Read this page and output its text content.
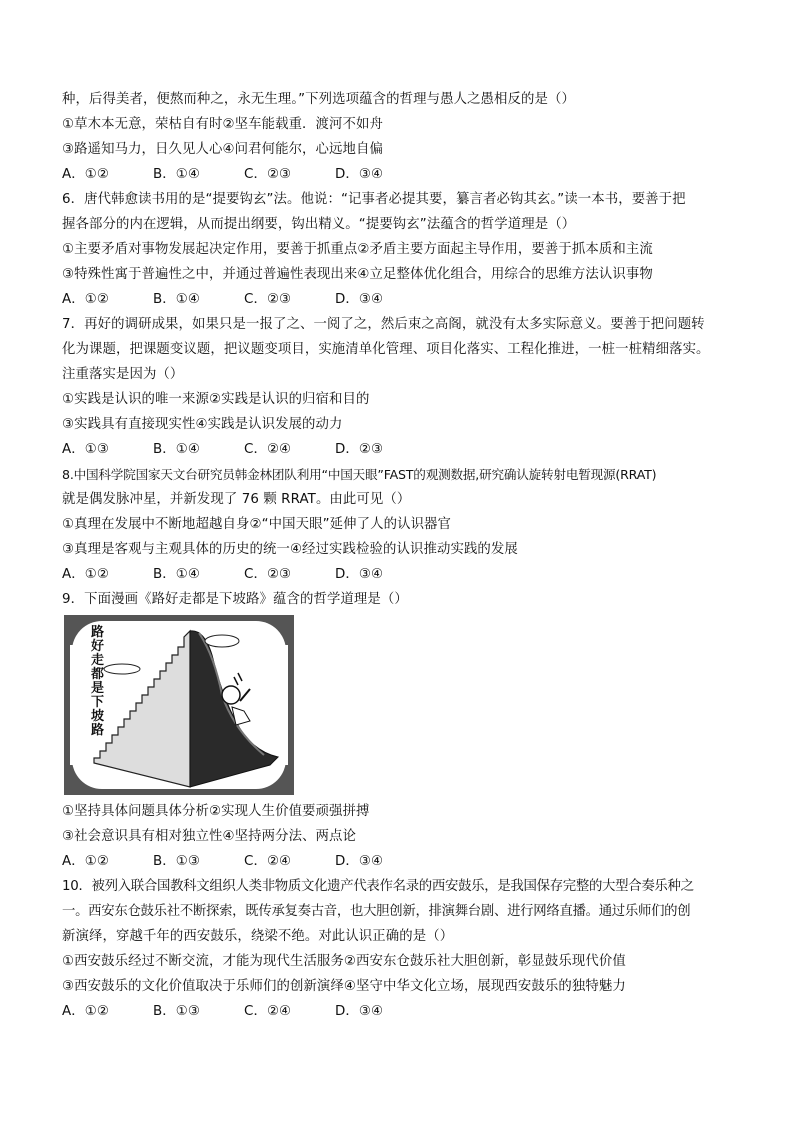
种，后得美者，便熬而种之，永无生理。”下列选项蕴含的哲理与愚人之愚相反的是（）
①草木本无意，荣枯自有时②坚车能载重．渡河不如舟
③路遥知马力，日久见人心④问君何能尔，心远地自偏
A．①②	B．①④	C．②③	D．③④
6．唐代韩愈读书用的是“提要钩玄”法。他说：“记事者必提其要，纂言者必钩其玄。”读一本书，要善于把
握各部分的内在逻辑，从而提出纲要，钩出精义。“提要钩玄”法蕴含的哲学道理是（）
①主要矛盾对事物发展起决定作用，要善于抓重点②矛盾主要方面起主导作用，要善于抓本质和主流
③特殊性寓于普遍性之中，并通过普遍性表现出来④立足整体优化组合，用综合的思维方法认识事物
A．①②	B．①④	C．②③	D．③④
7．再好的调研成果，如果只是一报了之、一阅了之，然后束之高阁，就没有太多实际意义。要善于把问题转
化为课题，把课题变议题，把议题变项目，实施清单化管理、项目化落实、工程化推进，一桩一桩精细落实。
注重落实是因为（）
①实践是认识的唯一来源②实践是认识的归宿和目的
③实践具有直接现实性④实践是认识发展的动力
A．①③	B．①④	C．②④	D．②③
8.中国科学院国家天文台研究员韩金林团队利用“中国天眼”FAST的观测数据,研究确认旋转射电暂现源(RRAT)
就是偶发脉冲星，并新发现了 76 颗 RRAT。由此可见（）
①真理在发展中不断地超越自身②“中国天眼”延伸了人的认识器官
③真理是客观与主观具体的历史的统一④经过实践检验的认识推动实践的发展
A．①②	B．①④	C．②③	D．③④
9．下面漫画《路好走都是下坡路》蕴含的哲学道理是（）
路好走都是下坡路
①坚持具体问题具体分析②实现人生价值要顽强拼搏
③社会意识具有相对独立性④坚持两分法、两点论
A．①②	B．①③	C．②④	D．③④
10．被列入联合国教科文组织人类非物质文化遗产代表作名录的西安鼓乐，是我国保存完整的大型合奏乐种之
一。西安东仓鼓乐社不断探索，既传承复奏古音，也大胆创新，排演舞台剧、进行网络直播。通过乐师们的创
新演绎，穿越千年的西安鼓乐，绕梁不绝。对此认识正确的是（）
①西安鼓乐经过不断交流，才能为现代生活服务②西安东仓鼓乐社大胆创新，彰显鼓乐现代价值
③西安鼓乐的文化价值取决于乐师们的创新演绎④坚守中华文化立场，展现西安鼓乐的独特魅力
A．①②	B．①③	C．②④	D．③④
